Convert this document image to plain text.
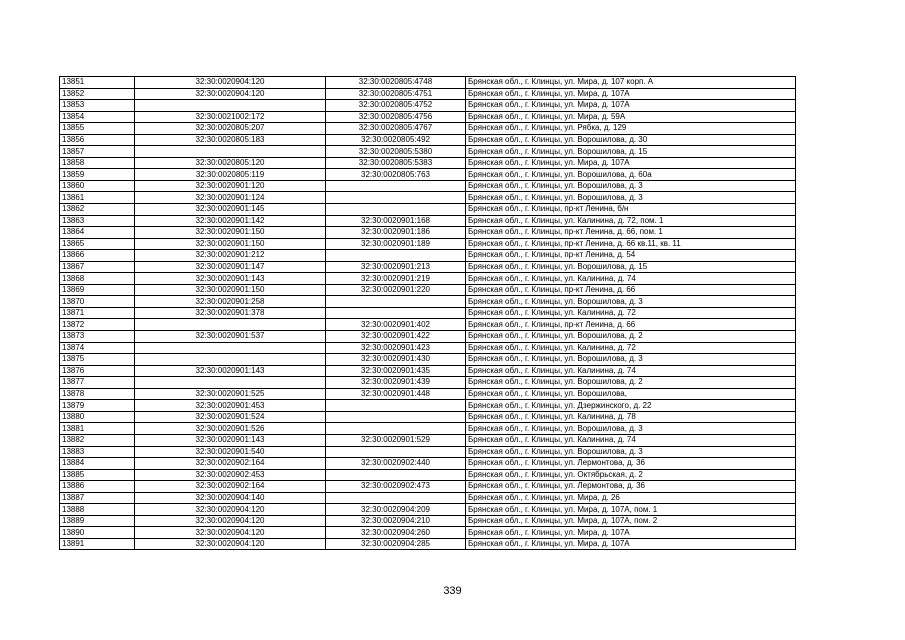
13851	32:30:0020904:120	32:30:0020805:4748	Брянская обл., г. Клинцы, ул. Мира, д. 107 корп. А
13852	32:30:0020904:120	32:30:0020805:4751	Брянская обл., г. Клинцы, ул. Мира, д. 107А
13853		32:30:0020805:4752	Брянская обл., г. Клинцы, ул. Мира, д. 107А
13854	32:30:0021002:172	32:30:0020805:4756	Брянская обл., г. Клинцы, ул. Мира, д. 59А
13855	32:30:0020805:207	32:30:0020805:4767	Брянская обл., г. Клинцы, ул. Рябка, д. 129
13856	32:30:0020805:183	32:30:0020805:492	Брянская обл., г. Клинцы, ул. Ворошилова, д. 30
13857		32:30:0020805:5380	Брянская обл., г. Клинцы, ул. Ворошилова, д. 15
13858	32:30:0020805:120	32:30:0020805:5383	Брянская обл., г. Клинцы, ул. Мира, д. 107А
13859	32:30:0020805:119	32:30:0020805:763	Брянская обл., г. Клинцы, ул. Ворошилова, д. 60а
13860	32:30:0020901:120		Брянская обл., г. Клинцы, ул. Ворошилова, д. 3
13861	32:30:0020901:124		Брянская обл., г. Клинцы, ул. Ворошилова, д. 3
13862	32:30:0020901:145		Брянская обл., г. Клинцы, пр-кт Ленина, б/н
13863	32:30:0020901:142	32:30:0020901:168	Брянская обл., г. Клинцы, ул. Калинина, д. 72, пом. 1
13864	32:30:0020901:150	32:30:0020901:186	Брянская обл., г. Клинцы, пр-кт Ленина, д. 66, пом. 1
13865	32:30:0020901:150	32:30:0020901:189	Брянская обл., г. Клинцы, пр-кт Ленина, д. 66 кв.11, кв. 11
13866	32:30:0020901:212		Брянская обл., г. Клинцы, пр-кт Ленина, д. 54
13867	32:30:0020901:147	32:30:0020901:213	Брянская обл., г. Клинцы, ул. Ворошилова, д. 15
13868	32:30:0020901:143	32:30:0020901:219	Брянская обл., г. Клинцы, ул. Калинина, д. 74
13869	32:30:0020901:150	32:30:0020901:220	Брянская обл., г. Клинцы, пр-кт Ленина, д. 66
13870	32:30:0020901:258		Брянская обл., г. Клинцы, ул. Ворошилова, д. 3
13871	32:30:0020901:378		Брянская обл., г. Клинцы, ул. Калинина, д. 72
13872		32:30:0020901:402	Брянская обл., г. Клинцы, пр-кт Ленина, д. 66
13873	32:30:0020901:537	32:30:0020901:422	Брянская обл., г. Клинцы, ул. Ворошилова, д. 2
13874		32:30:0020901:423	Брянская обл., г. Клинцы, ул. Калинина, д. 72
13875		32:30:0020901:430	Брянская обл., г. Клинцы, ул. Ворошилова, д. 3
13876	32:30:0020901:143	32:30:0020901:435	Брянская обл., г. Клинцы, ул. Калинина, д. 74
13877		32:30:0020901:439	Брянская обл., г. Клинцы, ул. Ворошилова, д. 2
13878	32:30:0020901:525	32:30:0020901:448	Брянская обл., г. Клинцы, ул. Ворошилова,
13879	32:30:0020901:453		Брянская обл., г. Клинцы, ул. Дзержинского, д. 22
13880	32:30:0020901:524		Брянская обл., г. Клинцы, ул. Калинина, д. 78
13881	32:30:0020901:526		Брянская обл., г. Клинцы, ул. Ворошилова, д. 3
13882	32:30:0020901:143	32:30:0020901:529	Брянская обл., г. Клинцы, ул. Калинина, д. 74
13883	32:30:0020901:540		Брянская обл., г. Клинцы, ул. Ворошилова, д. 3
13884	32:30:0020902:164	32:30:0020902:440	Брянская обл., г. Клинцы, ул. Лермонтова, д. 36
13885	32:30:0020902:453		Брянская обл., г. Клинцы, ул. Октябрьская, д. 2
13886	32:30:0020902:164	32:30:0020902:473	Брянская обл., г. Клинцы, ул. Лермонтова, д. 36
13887	32:30:0020904:140		Брянская обл., г. Клинцы, ул. Мира, д. 26
13888	32:30:0020904:120	32:30:0020904:209	Брянская обл., г. Клинцы, ул. Мира, д. 107А, пом. 1
13889	32:30:0020904:120	32:30:0020904:210	Брянская обл., г. Клинцы, ул. Мира, д. 107А, пом. 2
13890	32:30:0020904:120	32:30:0020904:260	Брянская обл., г. Клинцы, ул. Мира, д. 107А
13891	32:30:0020904:120	32:30:0020904:285	Брянская обл., г. Клинцы, ул. Мира, д. 107А
339
